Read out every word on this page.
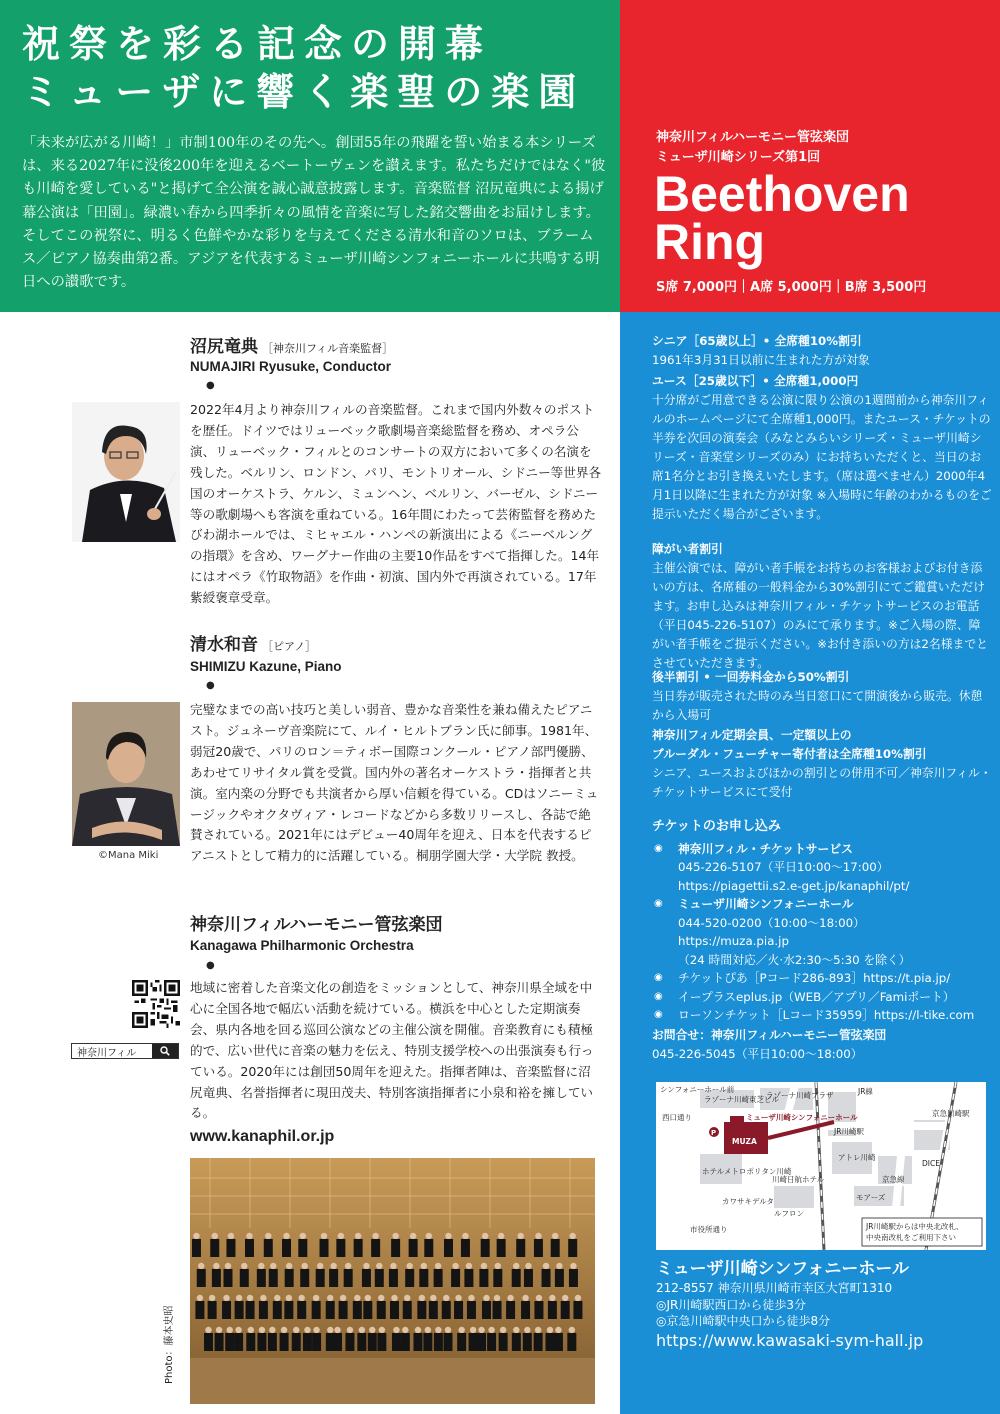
祝祭を彩る記念の開幕
ミューザに響く楽聖の楽園

「未来が広がる川崎！」市制100年のその先へ。創団55年の飛躍を誓い始まる本シリーズは、来る2027年に没後200年を迎えるベートーヴェンを讃えます。私たちだけではなく"彼も川崎を愛している"と掲げて全公演を誠心誠意披露します。音楽監督 沼尻竜典による揚げ幕公演は「田園」。緑濃い春から四季折々の風情を音楽に写した銘交響曲をお届けします。そしてこの祝祭に、明るく色鮮やかな彩りを与えてくださる清水和音のソロは、ブラームス／ピアノ協奏曲第2番。アジアを代表するミューザ川崎シンフォニーホールに共鳴する明日への讃歌です。

神奈川フィルハーモニー管弦楽団
ミューザ川崎シリーズ第1回
Beethoven
Ring
S席 7,000円｜A席 5,000円｜B席 3,500円
シニア［65歳以上］• 全席種10%割引
1961年3月31日以前に生まれた方が対象
ユース［25歳以下］• 全席種1,000円
十分席がご用意できる公演に限り公演の1週間前から神奈川フィルのホームページにて全席種1,000円。またユース・チケットの半券を次回の演奏会（みなとみらいシリーズ・ミューザ川崎シリーズ・音楽堂シリーズのみ）にお持ちいただくと、当日のお席1名分とお引き換えいたします。（席は選べません）2000年4月1日以降に生まれた方が対象 ※入場時に年齢のわかるものをご提示いただく場合がございます。
障がい者割引
主催公演では、障がい者手帳をお持ちのお客様およびお付き添いの方は、各席種の一般料金から30%割引にてご鑑賞いただけます。お申し込みは神奈川フィル・チケットサービスのお電話（平日045-226-5107）のみにて承ります。※ご入場の際、障がい者手帳をご提示ください。※お付き添いの方は2名様までとさせていただきます。
後半割引 • 一回券料金から50%割引
当日券が販売された時のみ当日窓口にて開演後から販売。休憩から入場可
神奈川フィル定期会員、一定額以上の
ブルーダル・フューチャー寄付者は全席種10%割引
シニア、ユースおよびほかの割引との併用不可／神奈川フィル・チケットサービスにて受付
チケットのお申し込み
◉ 神奈川フィル・チケットサービス
045-226-5107（平日10:00〜17:00）
https://piagettii.s2.e-get.jp/kanaphil/pt/
◉ ミューザ川崎シンフォニーホール
044-520-0200（10:00〜18:00）
https://muza.pia.jp
（24 時間対応／火·水2:30〜5:30 を除く）
◉ チケットぴあ［Pコード286-893］https://t.pia.jp/
◉ イープラスeplus.jp（WEB／アプリ／Famiポート）
◉ ローソンチケット［Lコード35959］https://l-tike.com
お問合せ：神奈川フィルハーモニー管弦楽団
045-226-5045（平日10:00〜18:00）
P
シンフォニーホール前
ラゾーナ川崎東芝ビル
ラゾーナ川崎プラザ	JR線
西口通り	ミューザ川崎シンフォニーホール
MUZA
JR川崎駅
京急川崎駅
アトレ川崎
DICE
ホテルメトロポリタン川崎
川崎日航ホテル
モアーズ
カワサキデルタ
ルフロン
市役所通り
京急線
JR川崎駅からは中央北改札、
中央南改札をご利用下さい
ミューザ川崎シンフォニーホール
212-8557 神奈川県川崎市幸区大宮町1310
◎JR川崎駅西口から徒歩3分
◎京急川崎駅中央口から徒歩8分
https://www.kawasaki-sym-hall.jp
沼尻竜典 ［神奈川フィル音楽監督］
NUMAJIRI Ryusuke, Conductor
●

2022年4月より神奈川フィルの音楽監督。これまで国内外数々のポストを歴任。ドイツではリューベック歌劇場音楽総監督を務め、オペラ公演、リューベック・フィルとのコンサートの双方において多くの名演を残した。ベルリン、ロンドン、パリ、モントリオール、シドニー等世界各国のオーケストラ、ケルン、ミュンヘン、ベルリン、バーゼル、シドニー等の歌劇場へも客演を重ねている。16年間にわたって芸術監督を務めたびわ湖ホールでは、ミヒャエル・ハンペの新演出による《ニーベルングの指環》を含め、ワーグナー作曲の主要10作品をすべて指揮した。14年にはオペラ《竹取物語》を作曲・初演、国内外で再演されている。17年紫綬褒章受章。

清水和音 ［ピアノ］
SHIMIZU Kazune, Piano
●
©Mana Miki

完璧なまでの高い技巧と美しい弱音、豊かな音楽性を兼ね備えたピアニスト。ジュネーヴ音楽院にて、ルイ・ヒルトブラン氏に師事。1981年、弱冠20歳で、パリのロン＝ティボー国際コンクール・ピアノ部門優勝、あわせてリサイタル賞を受賞。国内外の著名オーケストラ・指揮者と共演。室内楽の分野でも共演者から厚い信頼を得ている。CDはソニーミュージックやオクタヴィア・レコードなどから多数リリースし、各誌で絶賛されている。2021年にはデビュー40周年を迎え、日本を代表するピアニストとして精力的に活躍している。桐朋学園大学・大学院 教授。

神奈川フィルハーモニー管弦楽団
Kanagawa Philharmonic Orchestra
●
神奈川フィル

地域に密着した音楽文化の創造をミッションとして、神奈川県全域を中心に全国各地で幅広い活動を続けている。横浜を中心とした定期演奏会、県内各地を回る巡回公演などの主催公演を開催。音楽教育にも積極的で、広い世代に音楽の魅力を伝え、特別支援学校への出張演奏も行っている。2020年には創団50周年を迎えた。指揮者陣は、音楽監督に沼尻竜典、名誉指揮者に現田茂夫、特別客演指揮者に小泉和裕を擁している。

www.kanaphil.or.jp
Photo：藤本史昭
